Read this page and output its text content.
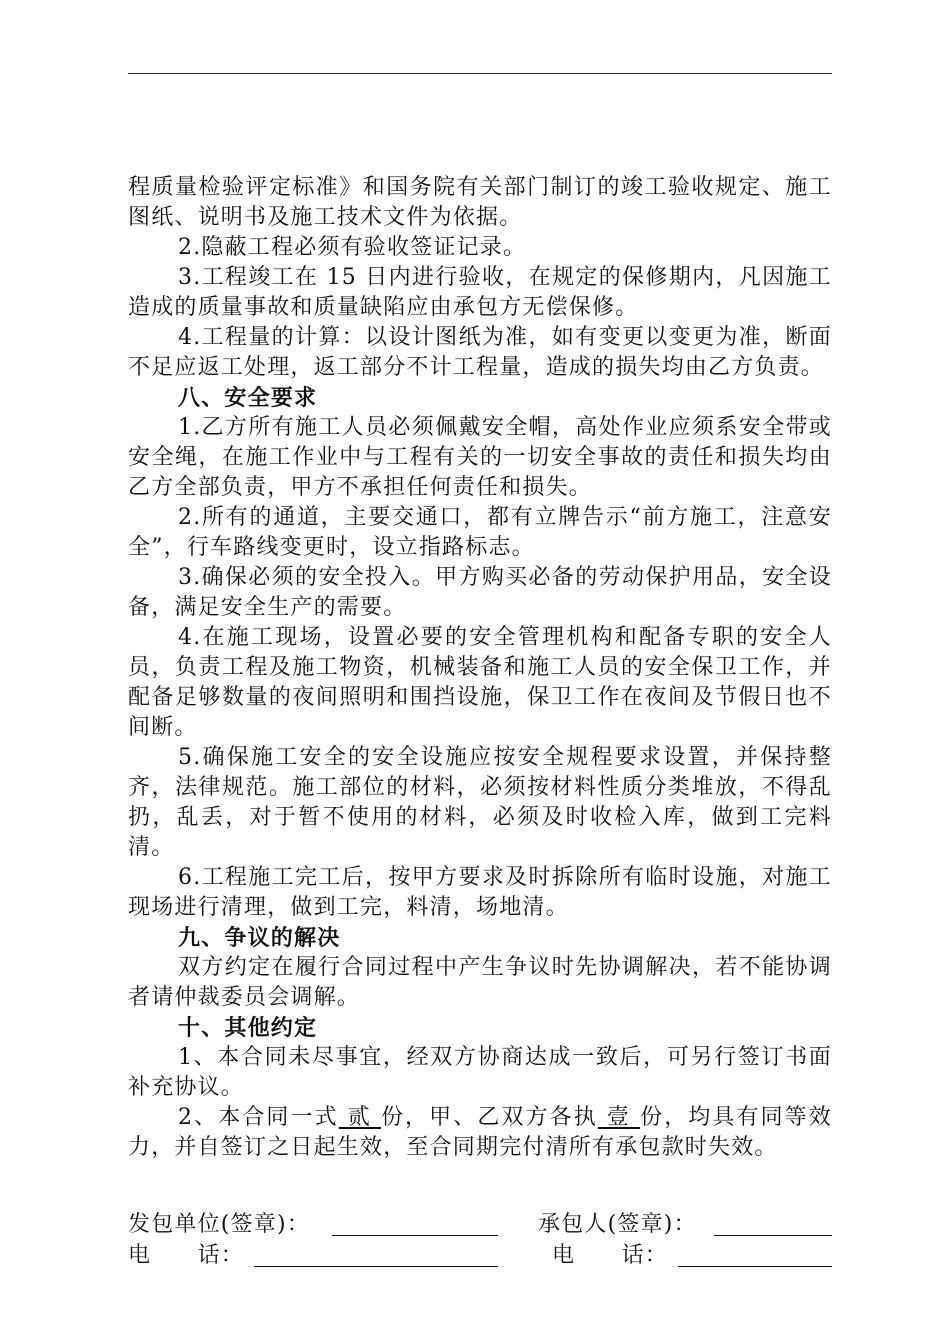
程质量检验评定标准》和国务院有关部门制订的竣工验收规定、施工图纸、说明书及施工技术文件为依据。

2.隐蔽工程必须有验收签证记录。

3.工程竣工在 15 日内进行验收，在规定的保修期内，凡因施工造成的质量事故和质量缺陷应由承包方无偿保修。

4.工程量的计算：以设计图纸为准，如有变更以变更为准，断面不足应返工处理，返工部分不计工程量，造成的损失均由乙方负责。

八、安全要求

1.乙方所有施工人员必须佩戴安全帽，高处作业应须系安全带或安全绳，在施工作业中与工程有关的一切安全事故的责任和损失均由乙方全部负责，甲方不承担任何责任和损失。

2.所有的通道，主要交通口，都有立牌告示“前方施工，注意安全”，行车路线变更时，设立指路标志。

3.确保必须的安全投入。甲方购买必备的劳动保护用品，安全设备，满足安全生产的需要。

4.在施工现场，设置必要的安全管理机构和配备专职的安全人员，负责工程及施工物资，机械装备和施工人员的安全保卫工作，并配备足够数量的夜间照明和围挡设施，保卫工作在夜间及节假日也不间断。

5.确保施工安全的安全设施应按安全规程要求设置，并保持整齐，法律规范。施工部位的材料，必须按材料性质分类堆放，不得乱扔，乱丢，对于暂不使用的材料，必须及时收检入库，做到工完料清。

6.工程施工完工后，按甲方要求及时拆除所有临时设施，对施工现场进行清理，做到工完，料清，场地清。

九、争议的解决

双方约定在履行合同过程中产生争议时先协调解决，若不能协调者请仲裁委员会调解。

十、其他约定

1、本合同未尽事宜，经双方协商达成一致后，可另行签订书面补充协议。

2、本合同一式 贰 份，甲、乙双方各执 壹 份，均具有同等效力，并自签订之日起生效，至合同期完付清所有承包款时失效。

发包单位(签章)：	承包人(签章)：
电　　话：	电　　话：
